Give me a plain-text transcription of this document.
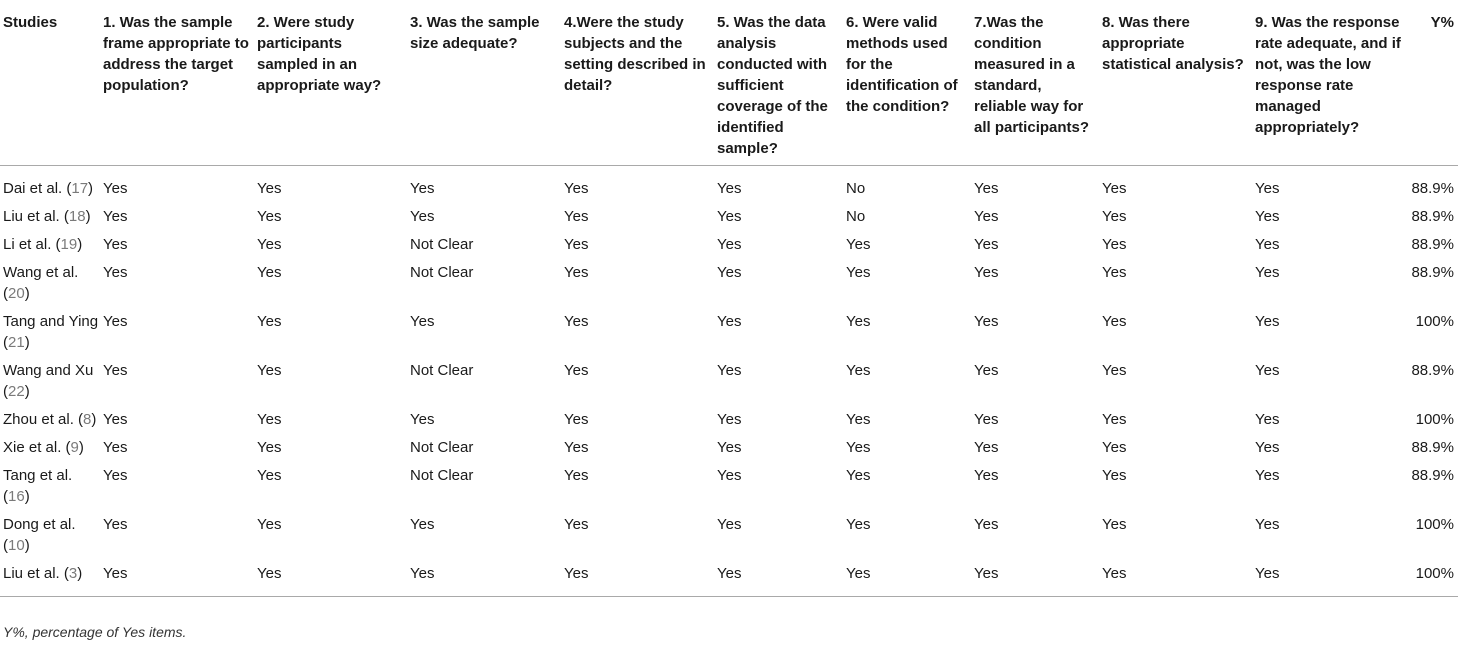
Studies	1. Was the sample frame appropriate to address the target population?	2. Were study participants sampled in an appropriate way?	3. Was the sample size adequate?	4.Were the study subjects and the setting described in detail?	5. Was the data analysis conducted with sufficient coverage of the identified sample?	6. Were valid methods used for the identification of the condition?	7.Was the condition measured in a standard, reliable way for all participants?	8. Was there appropriate statistical analysis?	9. Was the response rate adequate, and if not, was the low response rate managed appropriately?	Y%
Dai et al. (17)	Yes	Yes	Yes	Yes	Yes	No	Yes	Yes	Yes	88.9%
Liu et al. (18)	Yes	Yes	Yes	Yes	Yes	No	Yes	Yes	Yes	88.9%
Li et al. (19)	Yes	Yes	Not Clear	Yes	Yes	Yes	Yes	Yes	Yes	88.9%
Wang et al. (20)	Yes	Yes	Not Clear	Yes	Yes	Yes	Yes	Yes	Yes	88.9%
Tang and Ying (21)	Yes	Yes	Yes	Yes	Yes	Yes	Yes	Yes	Yes	100%
Wang and Xu (22)	Yes	Yes	Not Clear	Yes	Yes	Yes	Yes	Yes	Yes	88.9%
Zhou et al. (8)	Yes	Yes	Yes	Yes	Yes	Yes	Yes	Yes	Yes	100%
Xie et al. (9)	Yes	Yes	Not Clear	Yes	Yes	Yes	Yes	Yes	Yes	88.9%
Tang et al. (16)	Yes	Yes	Not Clear	Yes	Yes	Yes	Yes	Yes	Yes	88.9%
Dong et al. (10)	Yes	Yes	Yes	Yes	Yes	Yes	Yes	Yes	Yes	100%
Liu et al. (3)	Yes	Yes	Yes	Yes	Yes	Yes	Yes	Yes	Yes	100%
Y%, percentage of Yes items.
